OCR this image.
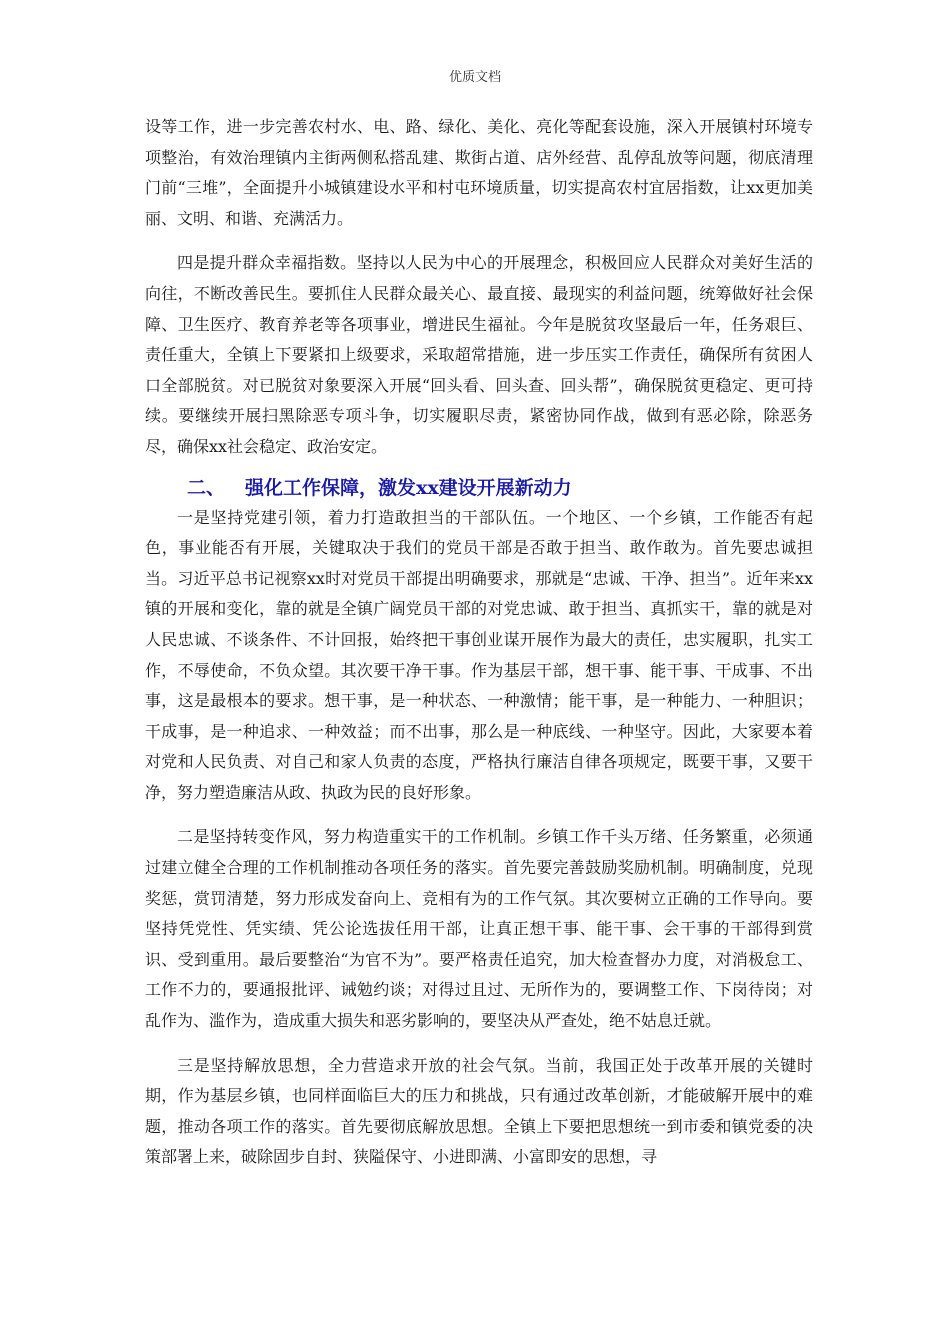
优质文档

设等工作，进一步完善农村水、电、路、绿化、美化、亮化等配套设施，深入开展镇村环境专项整治，有效治理镇内主街两侧私搭乱建、欺街占道、店外经营、乱停乱放等问题，彻底清理门前“三堆”，全面提升小城镇建设水平和村屯环境质量，切实提高农村宜居指数，让xx更加美丽、文明、和谐、充满活力。

四是提升群众幸福指数。坚持以人民为中心的开展理念，积极回应人民群众对美好生活的向往，不断改善民生。要抓住人民群众最关心、最直接、最现实的利益问题，统筹做好社会保障、卫生医疗、教育养老等各项事业，增进民生福祉。今年是脱贫攻坚最后一年，任务艰巨、责任重大，全镇上下要紧扣上级要求，采取超常措施，进一步压实工作责任，确保所有贫困人口全部脱贫。对已脱贫对象要深入开展“回头看、回头查、回头帮”，确保脱贫更稳定、更可持续。要继续开展扫黑除恶专项斗争，切实履职尽责，紧密协同作战，做到有恶必除，除恶务尽，确保xx社会稳定、政治安定。

二、 强化工作保障，激发xx建设开展新动力

一是坚持党建引领，着力打造敢担当的干部队伍。一个地区、一个乡镇，工作能否有起色，事业能否有开展，关键取决于我们的党员干部是否敢于担当、敢作敢为。首先要忠诚担当。习近平总书记视察xx时对党员干部提出明确要求，那就是“忠诚、干净、担当”。近年来xx镇的开展和变化，靠的就是全镇广阔党员干部的对党忠诚、敢于担当、真抓实干，靠的就是对人民忠诚、不谈条件、不计回报，始终把干事创业谋开展作为最大的责任，忠实履职，扎实工作，不辱使命，不负众望。其次要干净干事。作为基层干部，想干事、能干事、干成事、不出事，这是最根本的要求。想干事，是一种状态、一种激情；能干事，是一种能力、一种胆识；干成事，是一种追求、一种效益；而不出事，那么是一种底线、一种坚守。因此，大家要本着对党和人民负责、对自己和家人负责的态度，严格执行廉洁自律各项规定，既要干事，又要干净，努力塑造廉洁从政、执政为民的良好形象。

二是坚持转变作风，努力构造重实干的工作机制。乡镇工作千头万绪、任务繁重，必须通过建立健全合理的工作机制推动各项任务的落实。首先要完善鼓励奖励机制。明确制度，兑现奖惩，赏罚清楚，努力形成发奋向上、竞相有为的工作气氛。其次要树立正确的工作导向。要坚持凭党性、凭实绩、凭公论选拔任用干部，让真正想干事、能干事、会干事的干部得到赏识、受到重用。最后要整治“为官不为”。要严格责任追究，加大检查督办力度，对消极怠工、工作不力的，要通报批评、诫勉约谈；对得过且过、无所作为的，要调整工作、下岗待岗；对乱作为、滥作为，造成重大损失和恶劣影响的，要坚决从严查处，绝不姑息迁就。

三是坚持解放思想，全力营造求开放的社会气氛。当前，我国正处于改革开展的关键时期，作为基层乡镇，也同样面临巨大的压力和挑战，只有通过改革创新，才能破解开展中的难题，推动各项工作的落实。首先要彻底解放思想。全镇上下要把思想统一到市委和镇党委的决策部署上来，破除固步自封、狭隘保守、小进即满、小富即安的思想，寻
